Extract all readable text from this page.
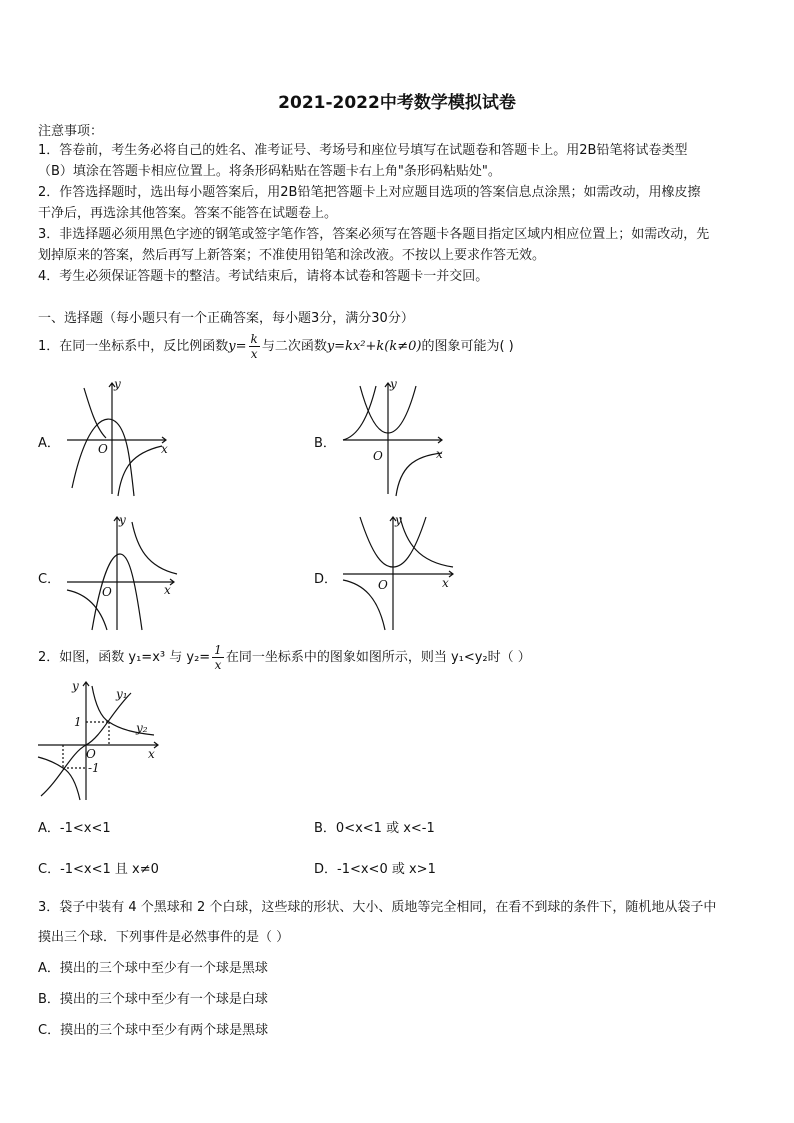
2021-2022中考数学模拟试卷
注意事项：
1．答卷前，考生务必将自己的姓名、准考证号、考场号和座位号填写在试题卷和答题卡上。用2B铅笔将试卷类型
（B）填涂在答题卡相应位置上。将条形码粘贴在答题卡右上角"条形码粘贴处"。
2．作答选择题时，选出每小题答案后，用2B铅笔把答题卡上对应题目选项的答案信息点涂黑；如需改动，用橡皮擦
干净后，再选涂其他答案。答案不能答在试题卷上。
3．非选择题必须用黑色字迹的钢笔或签字笔作答，答案必须写在答题卡各题目指定区域内相应位置上；如需改动，先
划掉原来的答案，然后再写上新答案；不准使用铅笔和涂改液。不按以上要求作答无效。
4．考生必须保证答题卡的整洁。考试结束后，请将本试卷和答题卡一并交回。
一、选择题（每小题只有一个正确答案，每小题3分，满分30分）
1．在同一坐标系中，反比例函数$y= \frac{k}{x}$ 与二次函数y=kx²+k(k≠0)的图象可能为( )
A．	B．
C．	D．
y
x
O
y
x
O
y
x
O
y
x
O
2．如图，函数 y₁=x³ 与 $y_2= \frac{1}{x}$ 在同一坐标系中的图象如图所示，则当 y₁<y₂时（ ）
y
x
O
1
-1
y₁
y₂
A．-1<x<1	B．0<x<1 或 x<-1
C．-1<x<1 且 x≠0	D．-1<x<0 或 x>1
3．袋子中装有 4 个黑球和 2 个白球，这些球的形状、大小、质地等完全相同，在看不到球的条件下，随机地从袋子中
摸出三个球．下列事件是必然事件的是（ ）
A．摸出的三个球中至少有一个球是黑球
B．摸出的三个球中至少有一个球是白球
C．摸出的三个球中至少有两个球是黑球
